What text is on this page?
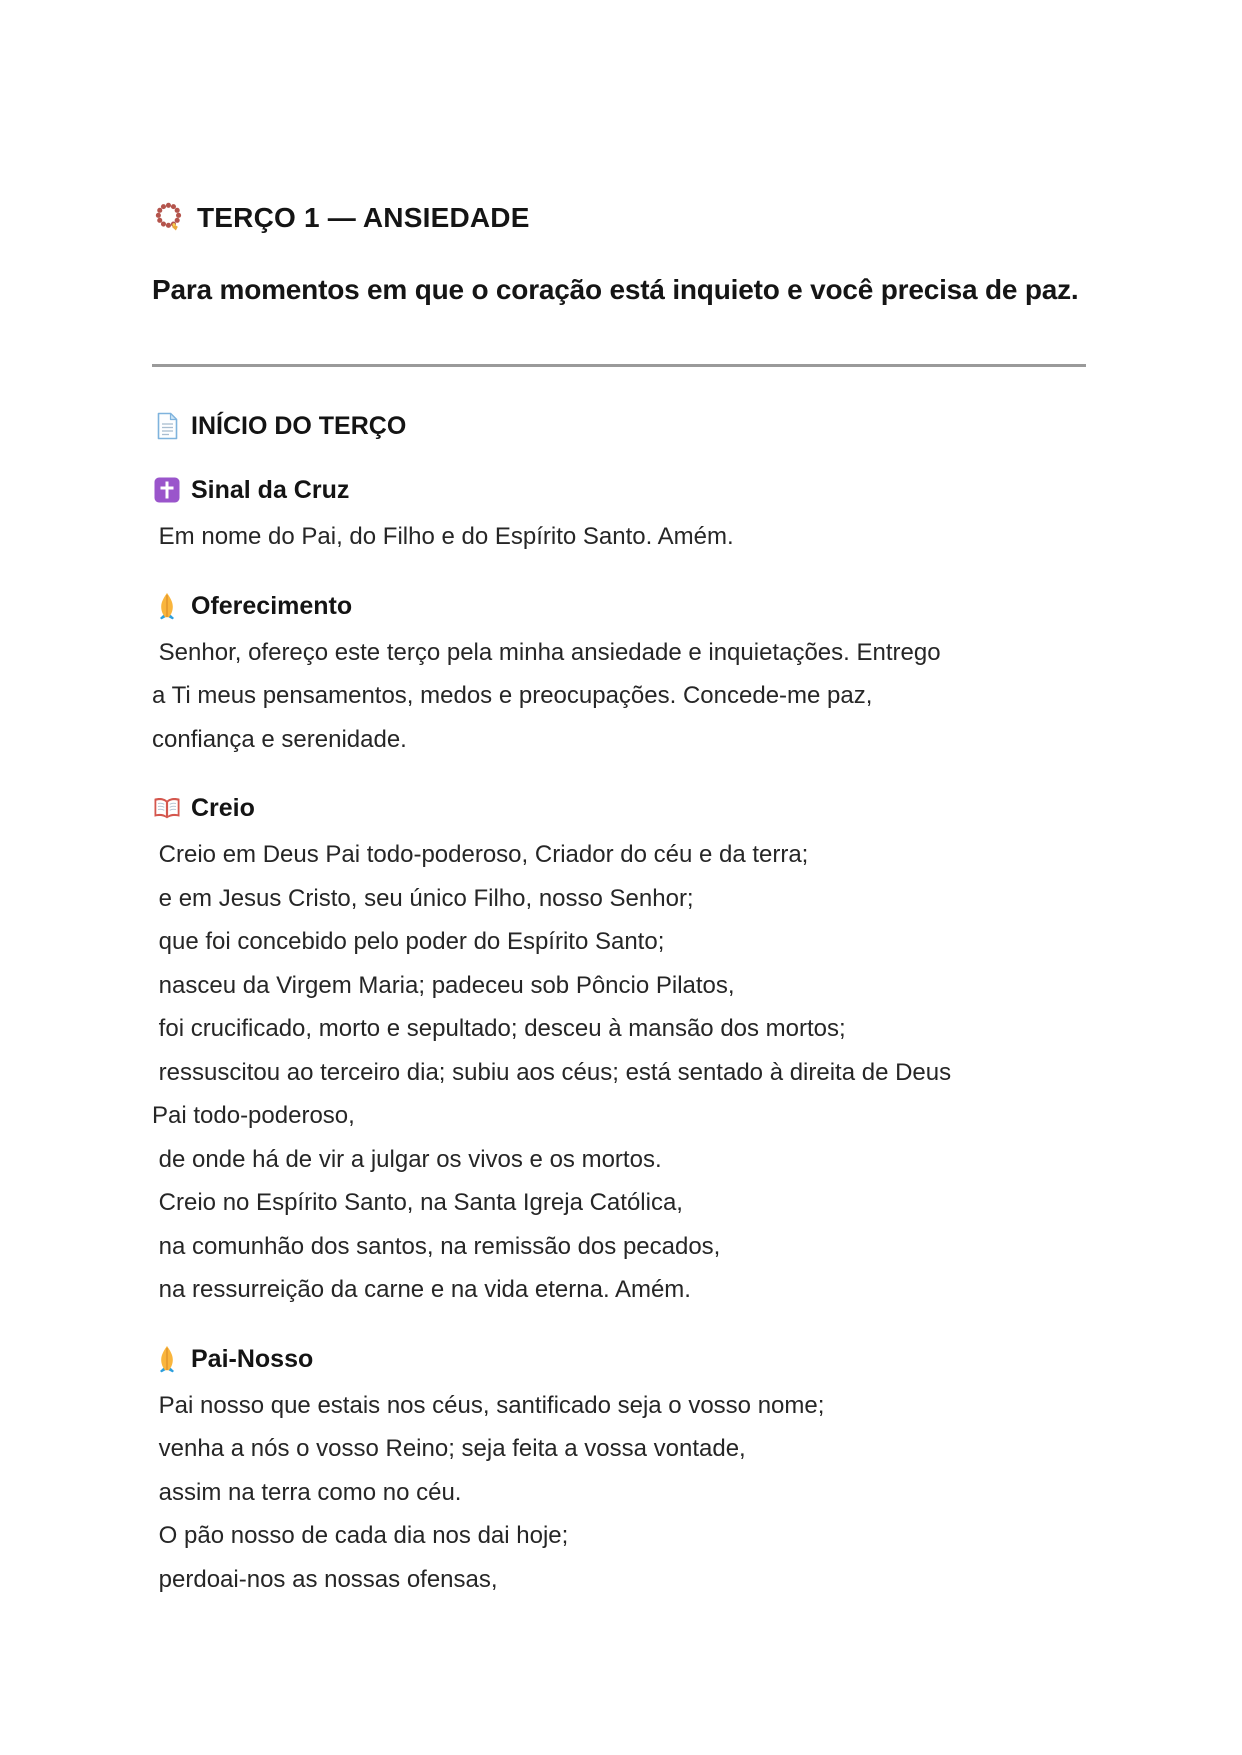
TERÇO 1 — ANSIEDADE

Para momentos em que o coração está inquieto e você precisa de paz.

INÍCIO DO TERÇO
Sinal da Cruz
Em nome do Pai, do Filho e do Espírito Santo. Amém.
Oferecimento
Senhor, ofereço este terço pela minha ansiedade e inquietações. Entrego
a Ti meus pensamentos, medos e preocupações. Concede-me paz,
confiança e serenidade.
Creio
Creio em Deus Pai todo-poderoso, Criador do céu e da terra;
e em Jesus Cristo, seu único Filho, nosso Senhor;
que foi concebido pelo poder do Espírito Santo;
nasceu da Virgem Maria; padeceu sob Pôncio Pilatos,
foi crucificado, morto e sepultado; desceu à mansão dos mortos;
ressuscitou ao terceiro dia; subiu aos céus; está sentado à direita de Deus
Pai todo-poderoso,
de onde há de vir a julgar os vivos e os mortos.
Creio no Espírito Santo, na Santa Igreja Católica,
na comunhão dos santos, na remissão dos pecados,
na ressurreição da carne e na vida eterna. Amém.
Pai-Nosso
Pai nosso que estais nos céus, santificado seja o vosso nome;
venha a nós o vosso Reino; seja feita a vossa vontade,
assim na terra como no céu.
O pão nosso de cada dia nos dai hoje;
perdoai-nos as nossas ofensas,
